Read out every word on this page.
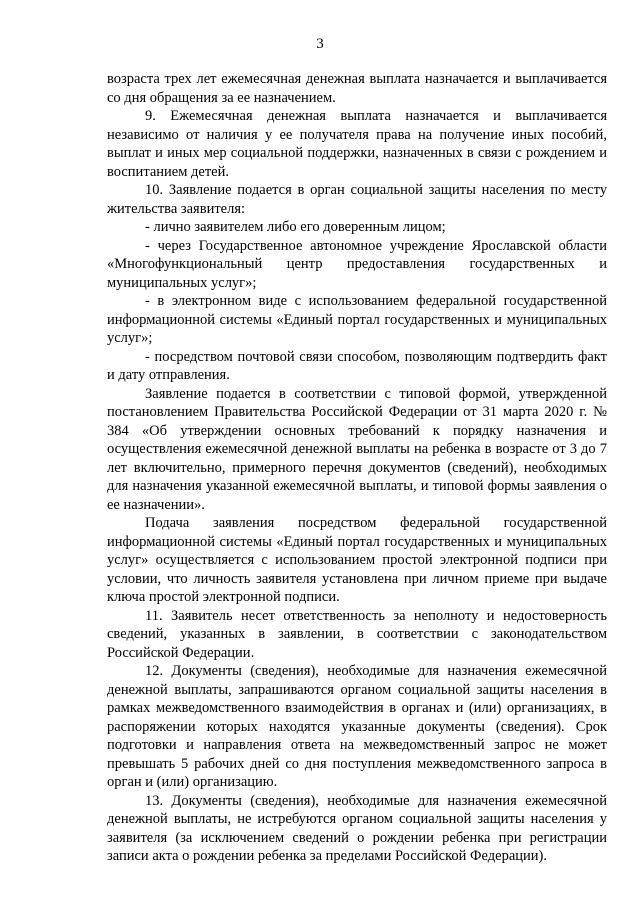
3

возраста трех лет ежемесячная денежная выплата назначается и выплачивается со дня обращения за ее назначением.

9. Ежемесячная денежная выплата назначается и выплачивается независимо от наличия у ее получателя права на получение иных пособий, выплат и иных мер социальной поддержки, назначенных в связи с рождением и воспитанием детей.

10. Заявление подается в орган социальной защиты населения по месту жительства заявителя:

- лично заявителем либо его доверенным лицом;

- через Государственное автономное учреждение Ярославской области «Многофункциональный центр предоставления государственных и муниципальных услуг»;

- в электронном виде с использованием федеральной государственной информационной системы «Единый портал государственных и муниципальных услуг»;

- посредством почтовой связи способом, позволяющим подтвердить факт и дату отправления.

Заявление подается в соответствии с типовой формой, утвержденной постановлением Правительства Российской Федерации от 31 марта 2020 г. № 384 «Об утверждении основных требований к порядку назначения и осуществления ежемесячной денежной выплаты на ребенка в возрасте от 3 до 7 лет включительно, примерного перечня документов (сведений), необходимых для назначения указанной ежемесячной выплаты, и типовой формы заявления о ее назначении».

Подача заявления посредством федеральной государственной информационной системы «Единый портал государственных и муниципальных услуг» осуществляется с использованием простой электронной подписи при условии, что личность заявителя установлена при личном приеме при выдаче ключа простой электронной подписи.

11. Заявитель несет ответственность за неполноту и недостоверность сведений, указанных в заявлении, в соответствии с законодательством Российской Федерации.

12. Документы (сведения), необходимые для назначения ежемесячной денежной выплаты, запрашиваются органом социальной защиты населения в рамках межведомственного взаимодействия в органах и (или) организациях, в распоряжении которых находятся указанные документы (сведения). Срок подготовки и направления ответа на межведомственный запрос не может превышать 5 рабочих дней со дня поступления межведомственного запроса в орган и (или) организацию.

13. Документы (сведения), необходимые для назначения ежемесячной денежной выплаты, не истребуются органом социальной защиты населения у заявителя (за исключением сведений о рождении ребенка при регистрации записи акта о рождении ребенка за пределами Российской Федерации).
